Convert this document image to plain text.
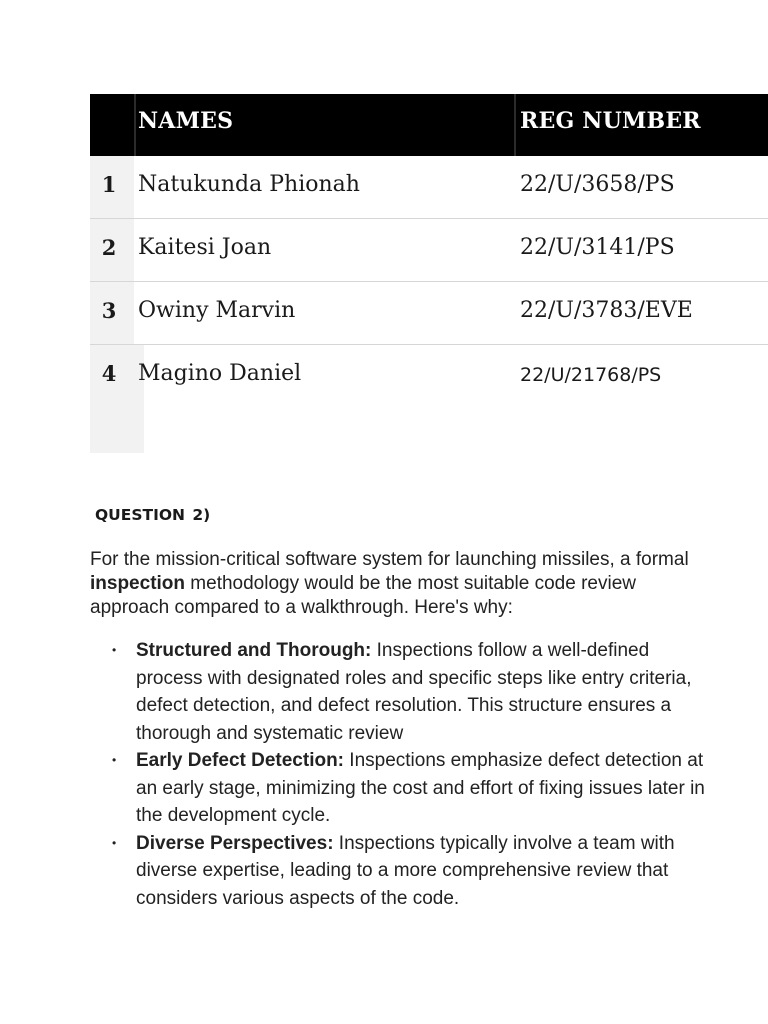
NAMES	REG NUMBER
1 Natukunda Phionah	22/U/3658/PS
2 Kaitesi Joan	22/U/3141/PS
3 Owiny Marvin	22/U/3783/EVE
4 Magino Daniel	22/U/21768/PS
QUESTION 2)

For the mission-critical software system for launching missiles, a formal inspection methodology would be the most suitable code review approach compared to a walkthrough. Here's why:

• Structured and Thorough: Inspections follow a well-defined process with designated roles and specific steps like entry criteria, defect detection, and defect resolution. This structure ensures a thorough and systematic review
• Early Defect Detection: Inspections emphasize defect detection at an early stage, minimizing the cost and effort of fixing issues later in the development cycle.
• Diverse Perspectives: Inspections typically involve a team with diverse expertise, leading to a more comprehensive review that considers various aspects of the code.
